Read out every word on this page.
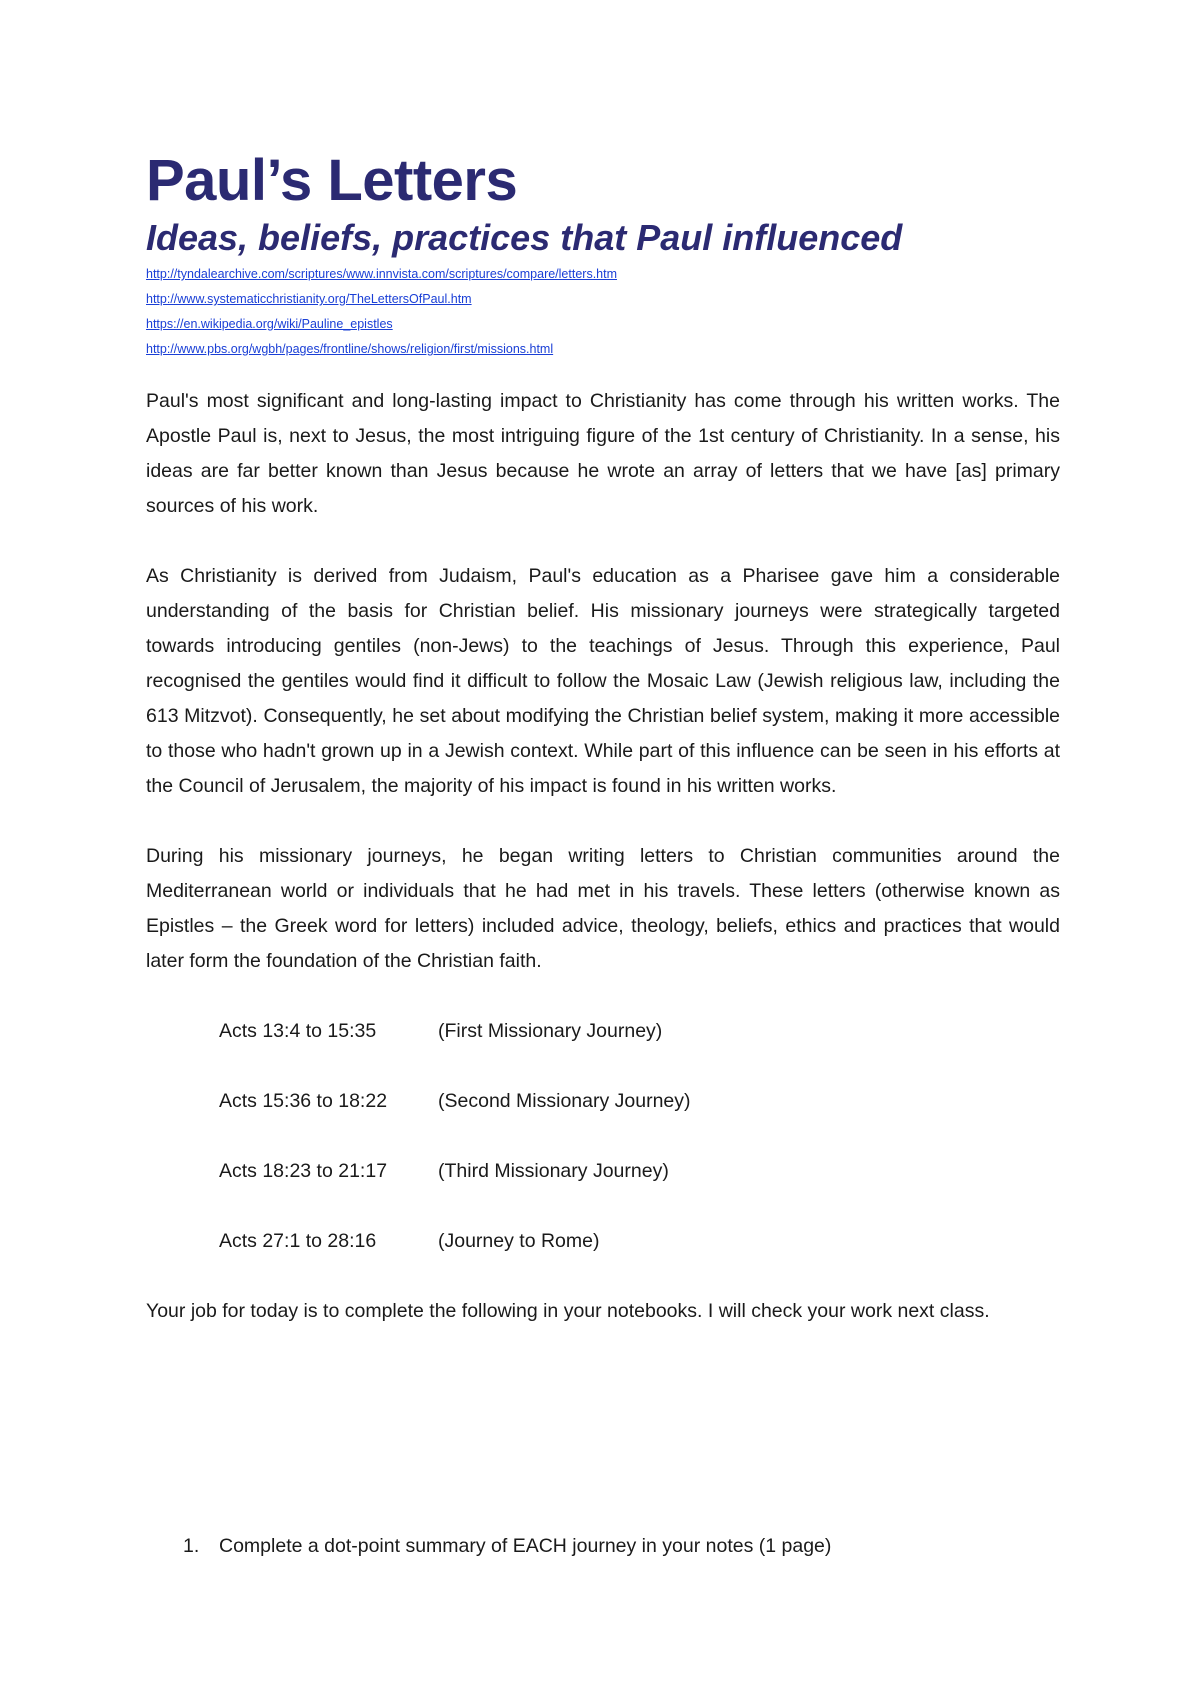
Paul’s Letters
Ideas, beliefs, practices that Paul influenced
http://tyndalearchive.com/scriptures/www.innvista.com/scriptures/compare/letters.htm
http://www.systematicchristianity.org/TheLettersOfPaul.htm
https://en.wikipedia.org/wiki/Pauline_epistles
http://www.pbs.org/wgbh/pages/frontline/shows/religion/first/missions.html

Paul's most significant and long-lasting impact to Christianity has come through his written works. The Apostle Paul is, next to Jesus, the most intriguing figure of the 1st century of Christianity. In a sense, his ideas are far better known than Jesus because he wrote an array of letters that we have [as] primary sources of his work.

As Christianity is derived from Judaism, Paul's education as a Pharisee gave him a considerable understanding of the basis for Christian belief. His missionary journeys were strategically targeted towards introducing gentiles (non-Jews) to the teachings of Jesus. Through this experience, Paul recognised the gentiles would find it difficult to follow the Mosaic Law (Jewish religious law, including the 613 Mitzvot). Consequently, he set about modifying the Christian belief system, making it more accessible to those who hadn't grown up in a Jewish context. While part of this influence can be seen in his efforts at the Council of Jerusalem, the majority of his impact is found in his written works.

During his missionary journeys, he began writing letters to Christian communities around the Mediterranean world or individuals that he had met in his travels. These letters (otherwise known as Epistles – the Greek word for letters) included advice, theology, beliefs, ethics and practices that would later form the foundation of the Christian faith.

Acts 13:4 to 15:35	(First Missionary Journey)
Acts 15:36 to 18:22	(Second Missionary Journey)
Acts 18:23 to 21:17	(Third Missionary Journey)
Acts 27:1 to 28:16	(Journey to Rome)

Your job for today is to complete the following in your notebooks. I will check your work next class.

1.	Complete a dot-point summary of EACH journey in your notes (1 page)
